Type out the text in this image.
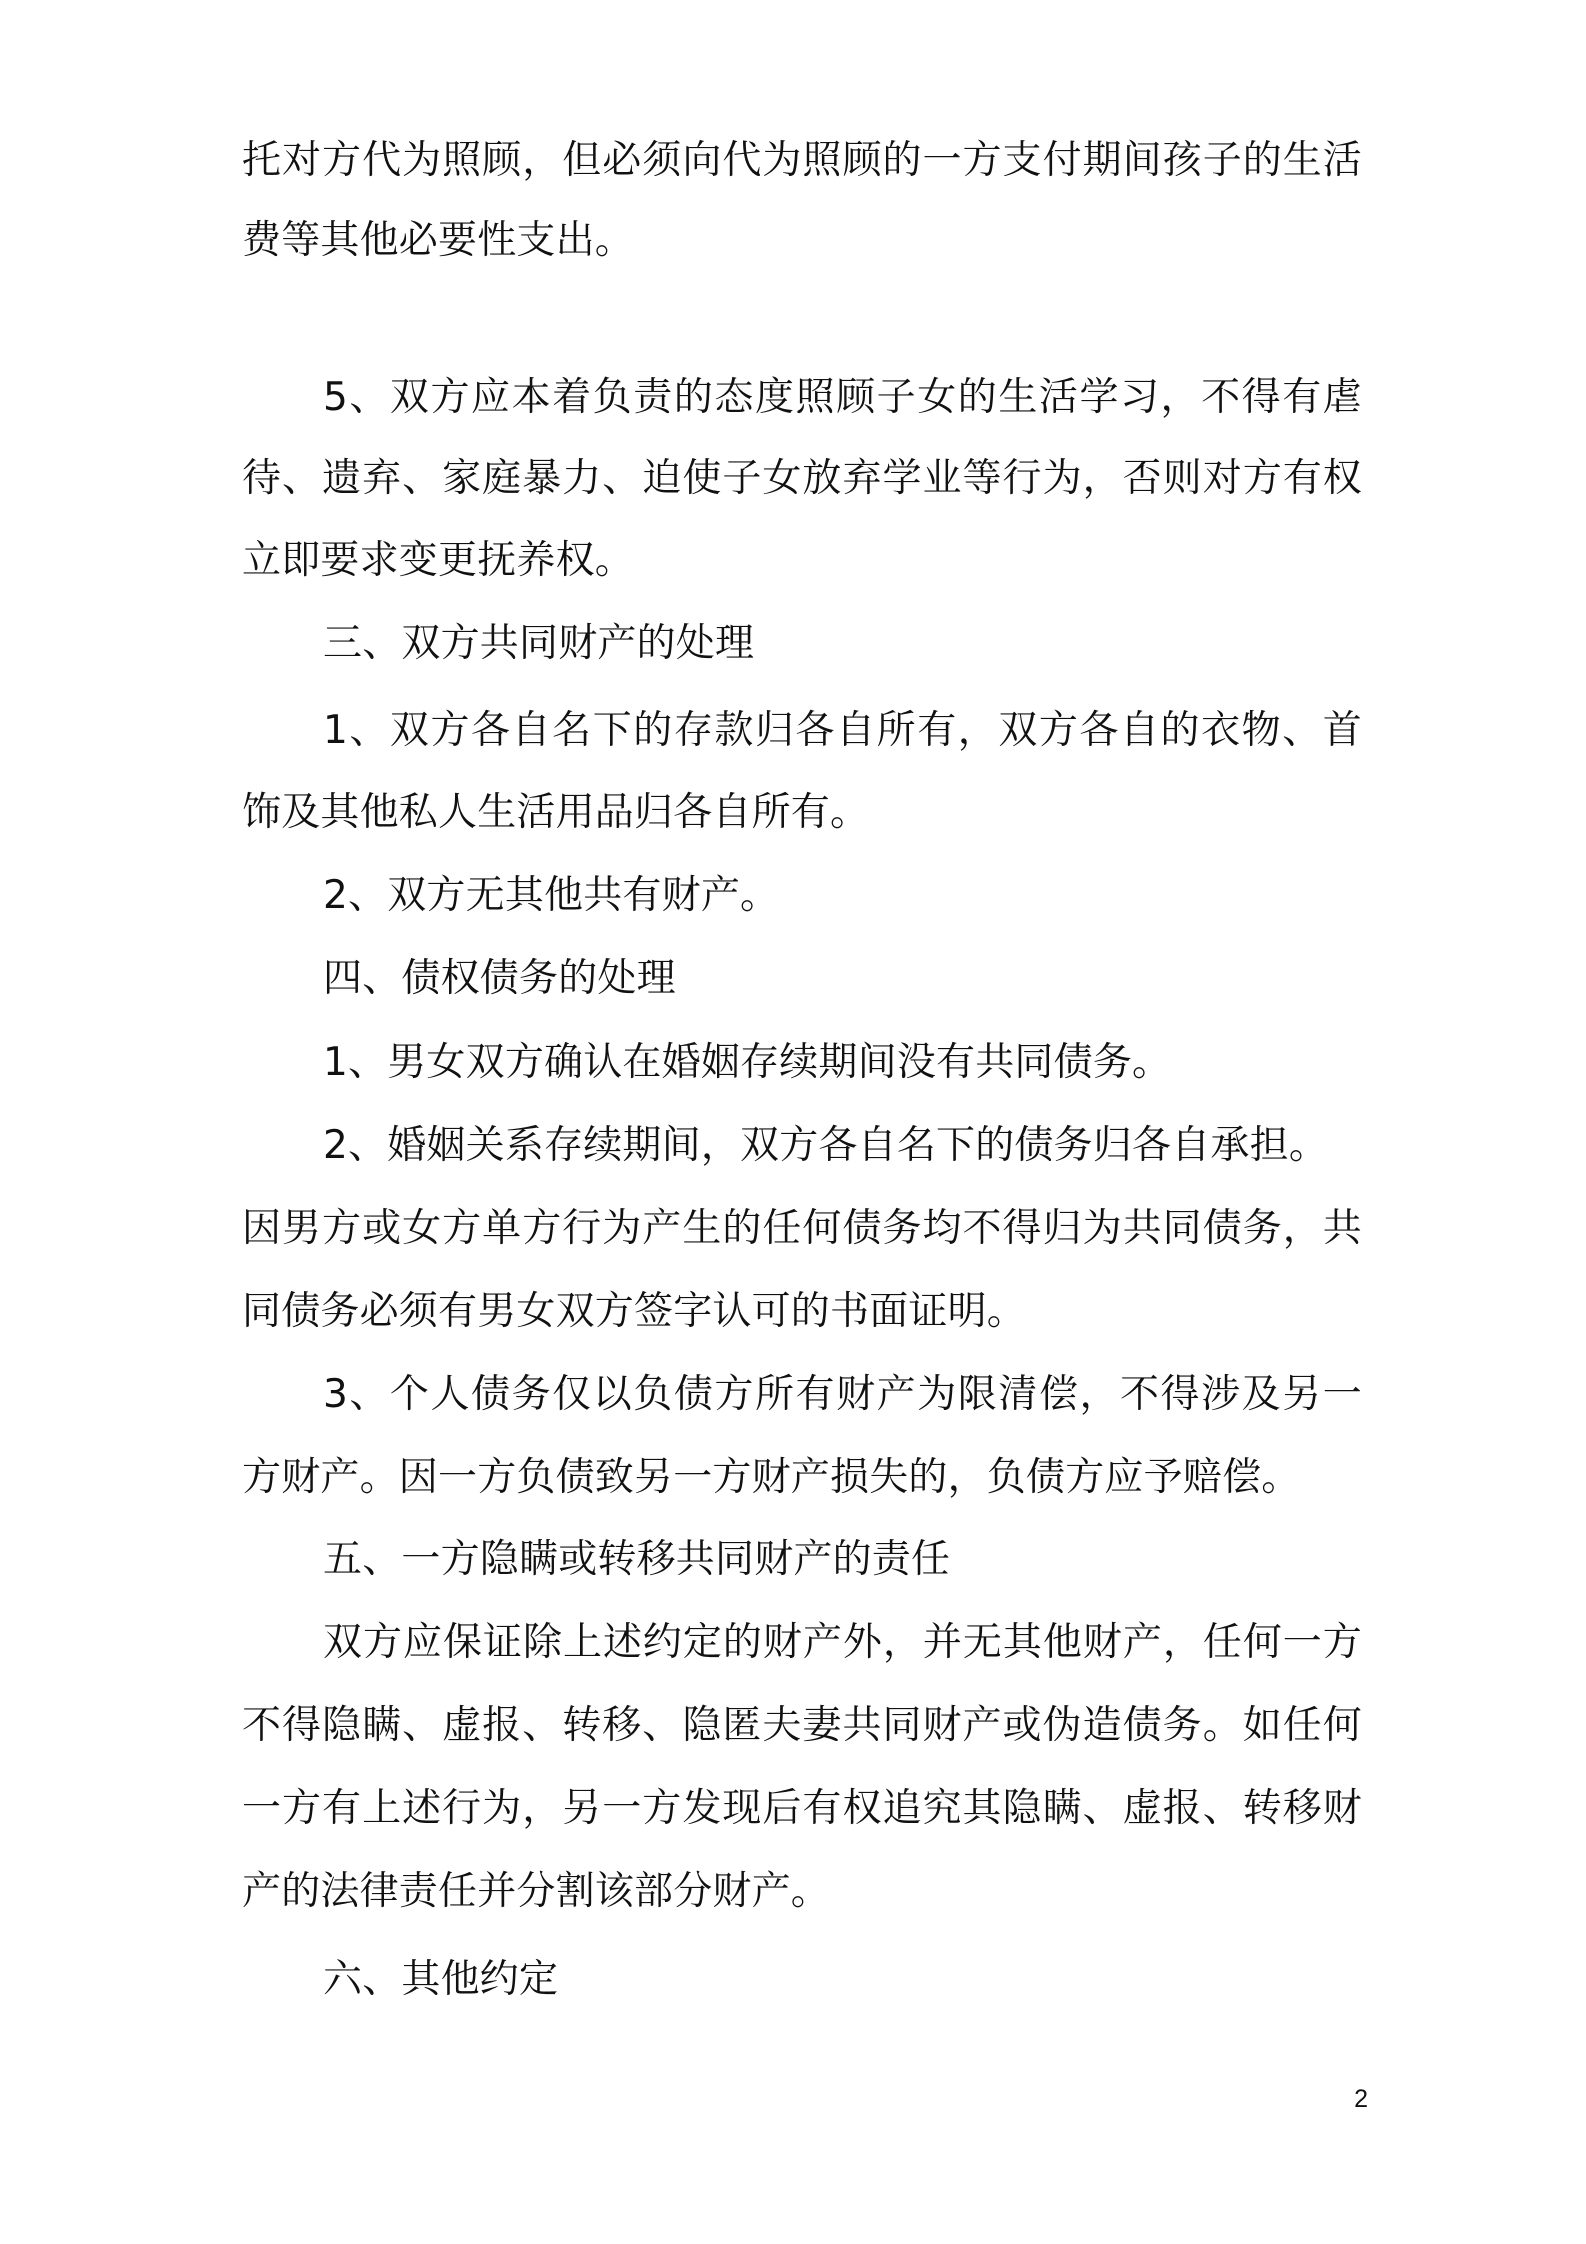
托对方代为照顾，但必须向代为照顾的一方支付期间孩子的生活
费等其他必要性支出。
5、双方应本着负责的态度照顾子女的生活学习，不得有虐
待、遗弃、家庭暴力、迫使子女放弃学业等行为，否则对方有权
立即要求变更抚养权。
三、双方共同财产的处理
1、双方各自名下的存款归各自所有，双方各自的衣物、首
饰及其他私人生活用品归各自所有。
2、双方无其他共有财产。
四、债权债务的处理
1、男女双方确认在婚姻存续期间没有共同债务。
2、婚姻关系存续期间，双方各自名下的债务归各自承担。
因男方或女方单方行为产生的任何债务均不得归为共同债务，共
同债务必须有男女双方签字认可的书面证明。
3、个人债务仅以负债方所有财产为限清偿，不得涉及另一
方财产。因一方负债致另一方财产损失的，负债方应予赔偿。
五、一方隐瞒或转移共同财产的责任
双方应保证除上述约定的财产外，并无其他财产，任何一方
不得隐瞒、虚报、转移、隐匿夫妻共同财产或伪造债务。如任何
一方有上述行为，另一方发现后有权追究其隐瞒、虚报、转移财
产的法律责任并分割该部分财产。
六、其他约定
2
